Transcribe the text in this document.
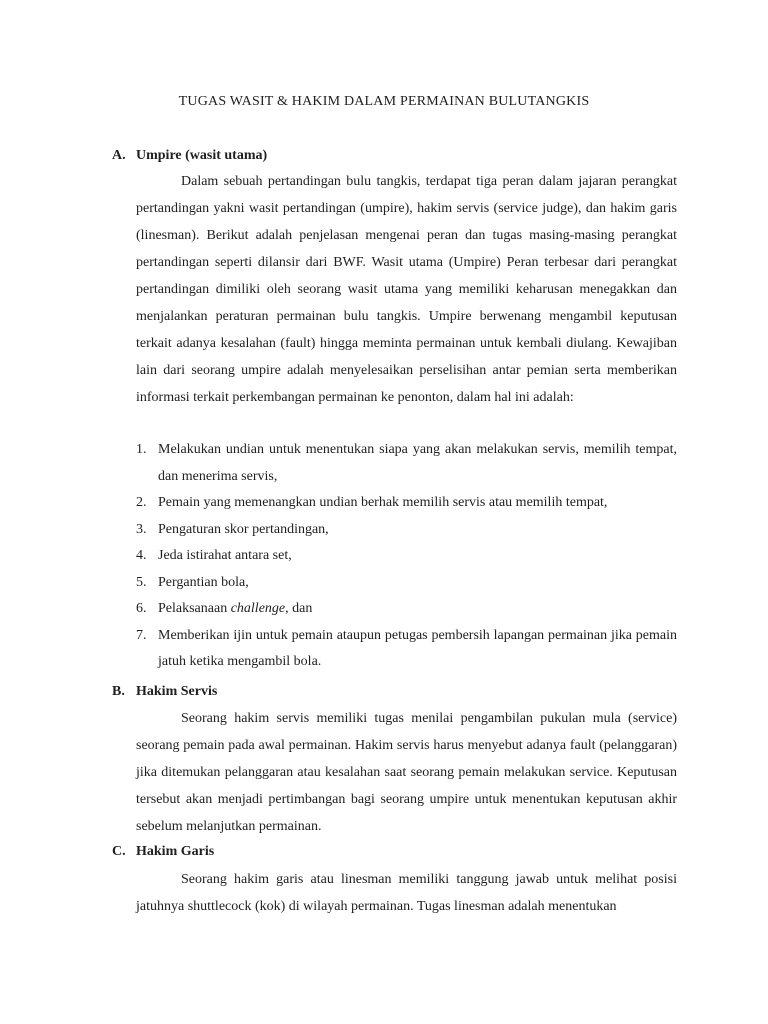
TUGAS WASIT & HAKIM DALAM PERMAINAN BULUTANGKIS
A. Umpire (wasit utama)

Dalam sebuah pertandingan bulu tangkis, terdapat tiga peran dalam jajaran perangkat pertandingan yakni wasit pertandingan (umpire), hakim servis (service judge), dan hakim garis (linesman). Berikut adalah penjelasan mengenai peran dan tugas masing-masing perangkat pertandingan seperti dilansir dari BWF. Wasit utama (Umpire) Peran terbesar dari perangkat pertandingan dimiliki oleh seorang wasit utama yang memiliki keharusan menegakkan dan menjalankan peraturan permainan bulu tangkis. Umpire berwenang mengambil keputusan terkait adanya kesalahan (fault) hingga meminta permainan untuk kembali diulang. Kewajiban lain dari seorang umpire adalah menyelesaikan perselisihan antar pemian serta memberikan informasi terkait perkembangan permainan ke penonton, dalam hal ini adalah:

1. Melakukan undian untuk menentukan siapa yang akan melakukan servis, memilih tempat, dan menerima servis,
2. Pemain yang memenangkan undian berhak memilih servis atau memilih tempat,
3. Pengaturan skor pertandingan,
4. Jeda istirahat antara set,
5. Pergantian bola,
6. Pelaksanaan challenge, dan
7. Memberikan ijin untuk pemain ataupun petugas pembersih lapangan permainan jika pemain jatuh ketika mengambil bola.
B. Hakim Servis

Seorang hakim servis memiliki tugas menilai pengambilan pukulan mula (service) seorang pemain pada awal permainan. Hakim servis harus menyebut adanya fault (pelanggaran) jika ditemukan pelanggaran atau kesalahan saat seorang pemain melakukan service. Keputusan tersebut akan menjadi pertimbangan bagi seorang umpire untuk menentukan keputusan akhir sebelum melanjutkan permainan.

C. Hakim Garis

Seorang hakim garis atau linesman memiliki tanggung jawab untuk melihat posisi jatuhnya shuttlecock (kok) di wilayah permainan. Tugas linesman adalah menentukan
